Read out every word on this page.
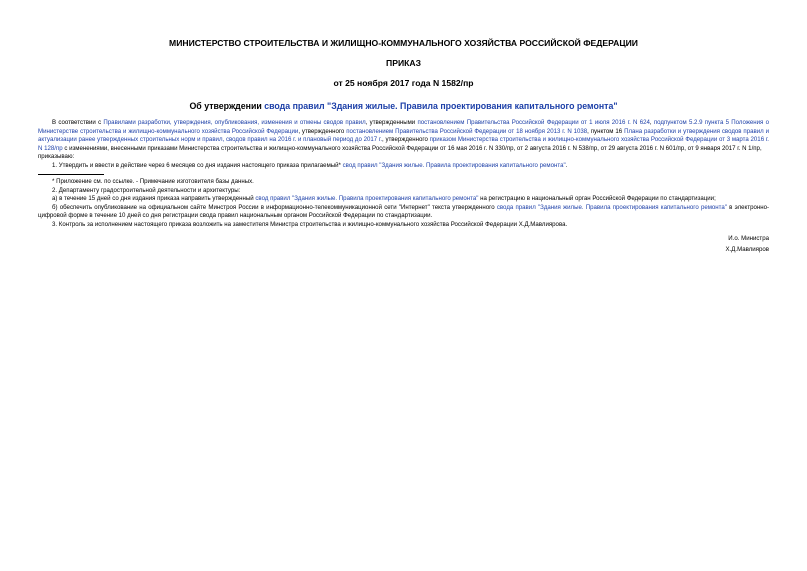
МИНИСТЕРСТВО СТРОИТЕЛЬСТВА И ЖИЛИЩНО-КОММУНАЛЬНОГО ХОЗЯЙСТВА РОССИЙСКОЙ ФЕДЕРАЦИИ
ПРИКАЗ
от 25 ноября 2017 года N 1582/пр
Об утверждении свода правил "Здания жилые. Правила проектирования капитального ремонта"

В соответствии с Правилами разработки, утверждения, опубликования, изменения и отмены сводов правил, утвержденными постановлением Правительства Российской Федерации от 1 июля 2016 г. N 624, подпунктом 5.2.9 пункта 5 Положения о Министерстве строительства и жилищно-коммунального хозяйства Российской Федерации, утвержденного постановлением Правительства Российской Федерации от 18 ноября 2013 г. N 1038, пунктом 16 Плана разработки и утверждения сводов правил и актуализации ранее утвержденных строительных норм и правил, сводов правил на 2016 г. и плановый период до 2017 г., утвержденного приказом Министерства строительства и жилищно-коммунального хозяйства Российской Федерации от 3 марта 2016 г. N 128/пр с изменениями, внесенными приказами Министерства строительства и жилищно-коммунального хозяйства Российской Федерации от 16 мая 2016 г. N 330/пр, от 2 августа 2016 г. N 538/пр, от 29 августа 2016 г. N 601/пр, от 9 января 2017 г. N 1/пр,

приказываю:

1. Утвердить и ввести в действие через 6 месяцев со дня издания настоящего приказа прилагаемый* свод правил "Здания жилые. Правила проектирования капитального ремонта".

* Приложение см. по ссылке. - Примечание изготовителя базы данных.

2. Департаменту градостроительной деятельности и архитектуры:

а) в течение 15 дней со дня издания приказа направить утвержденный свод правил "Здания жилые. Правила проектирования капитального ремонта" на регистрацию в национальный орган Российской Федерации по стандартизации;

б) обеспечить опубликование на официальном сайте Минстроя России в информационно-телекоммуникационной сети "Интернет" текста утвержденного свода правил "Здания жилые. Правила проектирования капитального ремонта" в электронно-цифровой форме в течение 10 дней со дня регистрации свода правил национальным органом Российской Федерации по стандартизации.

3. Контроль за исполнением настоящего приказа возложить на заместителя Министра строительства и жилищно-коммунального хозяйства Российской Федерации Х.Д.Мавлиярова.

И.о. Министра
Х.Д.Мавлияров
